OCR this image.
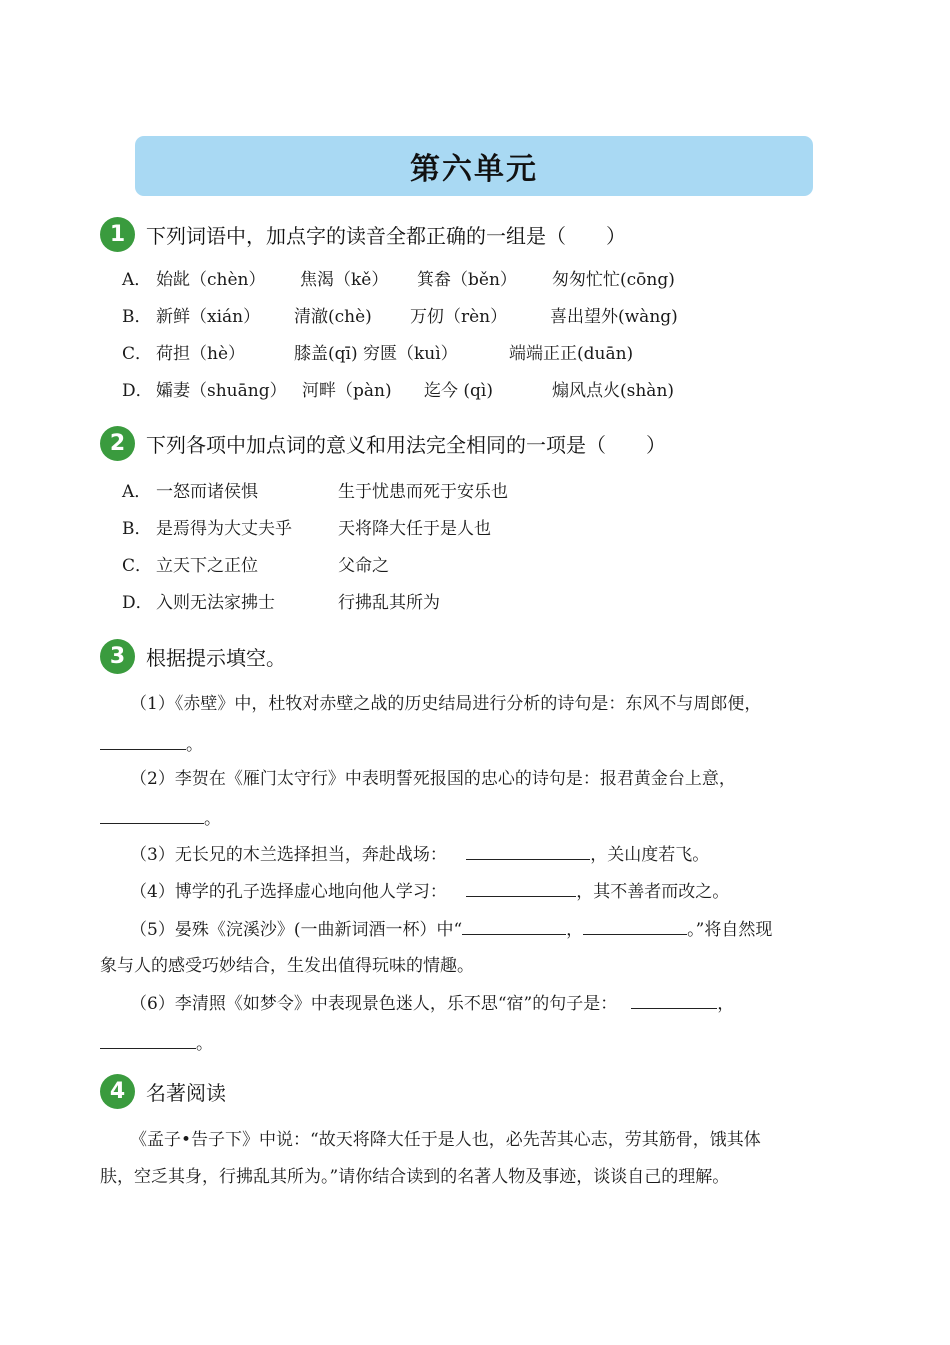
第六单元
1	下列词语中，加点字的读音全都正确的一组是（　　）
A． 始龀（chèn） 焦渴（kě） 箕畚（běn） 匆匆忙忙(cōng)
B． 新鲜（xián） 清澈(chè) 万仞（rèn）	喜出望外(wàng)
C． 荷担（hè）	膝盖(qī) 穷匮（kuì）	端端正正(duān)
D． 孀妻（shuāng） 河畔（pàn) 迄今 (qì)	煽风点火(shàn)
2	下列各项中加点词的意义和用法完全相同的一项是（　　）
A． 一怒而诸侯惧	生于忧患而死于安乐也
B． 是焉得为大丈夫乎	天将降大任于是人也
C． 立天下之正位	父命之
D． 入则无法家拂士	行拂乱其所为
3	根据提示填空。
（1）《赤壁》中，杜牧对赤壁之战的历史结局进行分析的诗句是：东风不与周郎便，
。
（2）李贺在《雁门太守行》中表明誓死报国的忠心的诗句是：报君黄金台上意，
。
（3）无长兄的木兰选择担当，奔赴战场：	，关山度若飞。
（4）博学的孔子选择虚心地向他人学习：	，其不善者而改之。
（5）晏殊《浣溪沙》(一曲新词酒一杯）中“	，	。”将自然现
象与人的感受巧妙结合，生发出值得玩味的情趣。
（6）李清照《如梦令》中表现景色迷人，乐不思“宿”的句子是：	，
。
4	名著阅读
《孟子•告子下》中说：“故天将降大任于是人也，必先苦其心志，劳其筋骨，饿其体
肤，空乏其身，行拂乱其所为。”请你结合读到的名著人物及事迹，谈谈自己的理解。
